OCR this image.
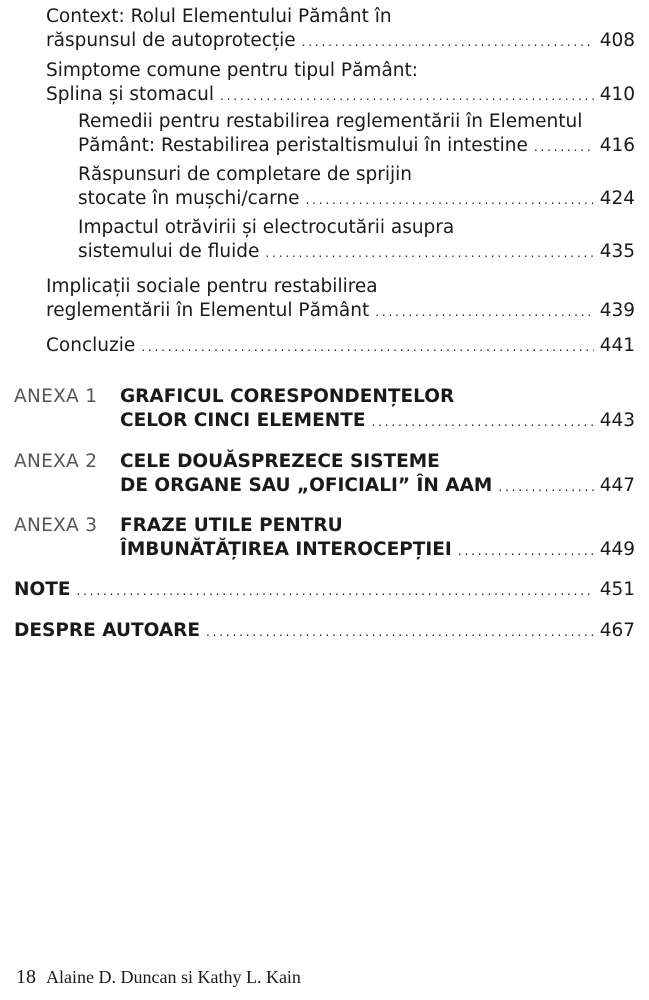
Context: Rolul Elementului Pământ în
răspunsul de autoprotecție . . .	408
Simptome comune pentru tipul Pământ:
Splina și stomacul . . .	410
Remedii pentru restabilirea reglementării în Elementul
Pământ: Restabilirea peristaltismului în intestine . . .	416
Răspunsuri de completare de sprijin
stocate în mușchi/carne . . .	424
Impactul otrăvirii și electrocutării asupra
sistemului de fluide . . .	435
Implicații sociale pentru restabilirea
reglementării în Elementul Pământ . . .	439
Concluzie . . .	441
ANEXA 1 GRAFICUL CORESPONDENȚELOR
CELOR CINCI ELEMENTE . . .	443
ANEXA 2 CELE DOUĂSPREZECE SISTEME
DE ORGANE SAU „OFICIALI” ÎN AAM . . .	447
ANEXA 3 FRAZE UTILE PENTRU
ÎMBUNĂTĂȚIREA INTEROCEPȚIEI . . .	449
NOTE . . .	451
DESPRE AUTOARE . . .	467
18 Alaine D. Duncan si Kathy L. Kain
